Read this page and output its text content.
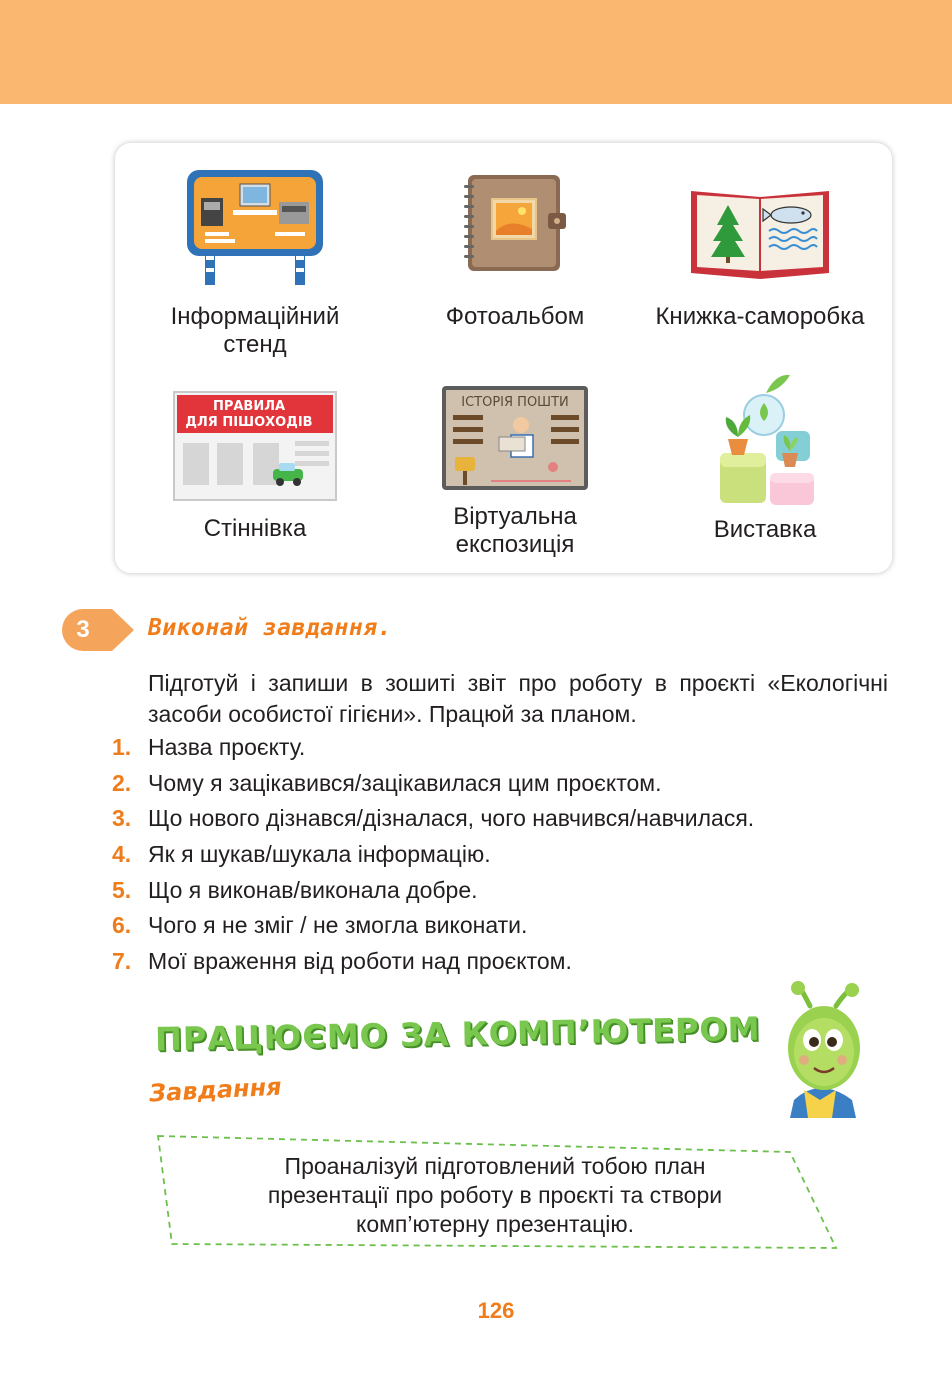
Інформаційний
стенд
Фотоальбом	Книжка-саморобка
ПРАВИЛА
ДЛЯ ПІШОХОДІВ
Стіннівка
ІСТОРІЯ ПОШТИ
Віртуальна
експозиція
Виставка
3	Виконай завдання.
Підготуй і запиши в зошиті звіт про роботу в проєкті «Екологічні засоби особистої гігієни». Працюй за планом.
1. Назва проєкту.
2. Чому я зацікавився/зацікавилася цим проєктом.
3. Що нового дізнався/дізналася, чого навчився/навчилася.
4. Як я шукав/шукала інформацію.
5. Що я виконав/виконала добре.
6. Чого я не зміг / не змогла виконати.
7. Мої враження від роботи над проєктом.
ПРАЦЮЄМО ЗА КОМП’ЮТЕРОМ
Завдання
Проаналізуй підготовлений тобою план
презентації про роботу в проєкті та створи
комп’ютерну презентацію.
126
